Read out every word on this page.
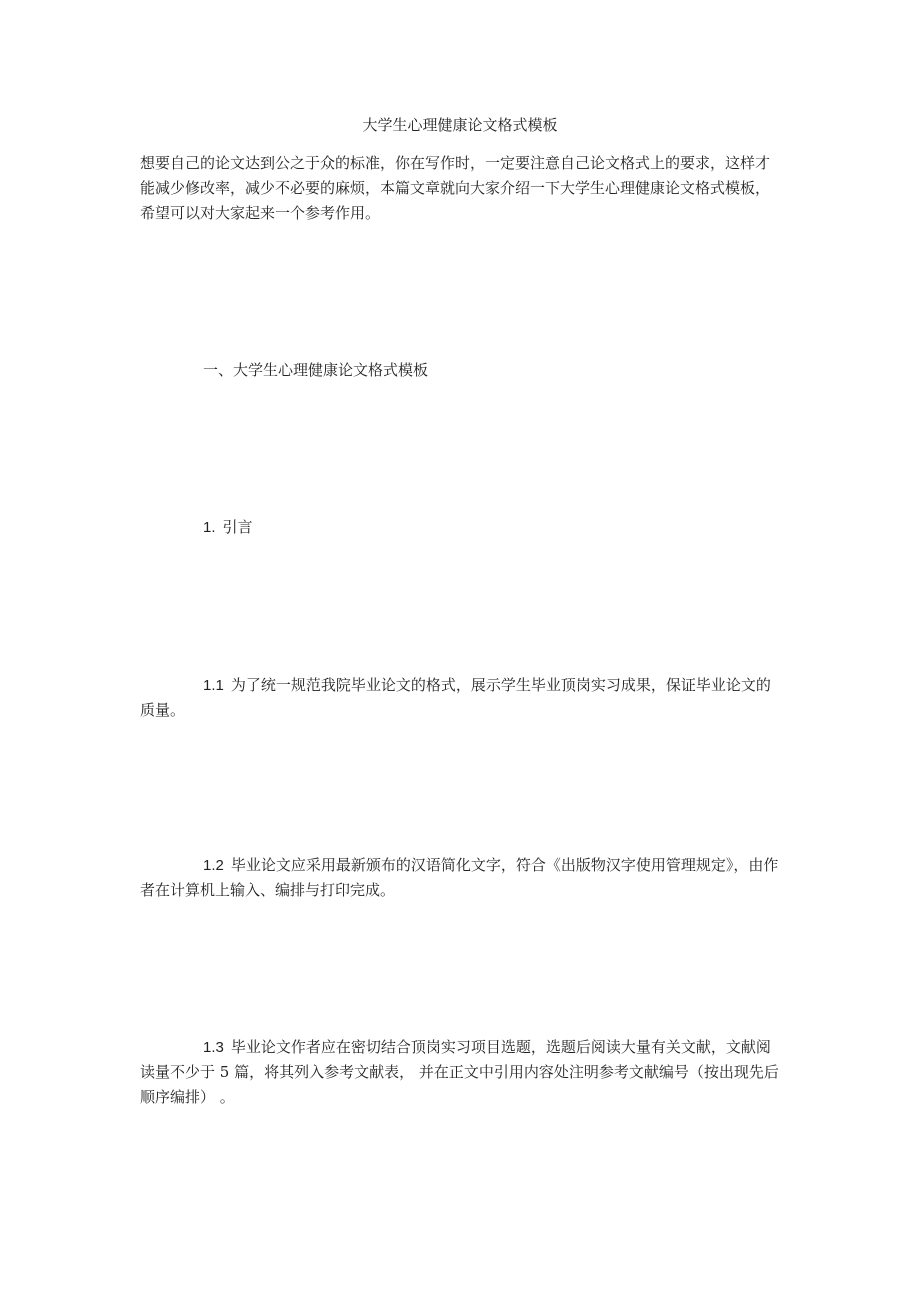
大学生心理健康论文格式模板

想要自己的论文达到公之于众的标准，你在写作时，一定要注意自己论文格式上的要求，这样才能减少修改率，减少不必要的麻烦，本篇文章就向大家介绍一下大学生心理健康论文格式模板，希望可以对大家起来一个参考作用。

一、大学生心理健康论文格式模板

1. 引言

1.1 为了统一规范我院毕业论文的格式，展示学生毕业顶岗实习成果，保证毕业论文的质量。

1.2 毕业论文应采用最新颁布的汉语简化文字，符合《出版物汉字使用管理规定》，由作者在计算机上输入、编排与打印完成。

1.3 毕业论文作者应在密切结合顶岗实习项目选题，选题后阅读大量有关文献，文献阅读量不少于 5 篇，将其列入参考文献表， 并在正文中引用内容处注明参考文献编号（按出现先后顺序编排） 。
